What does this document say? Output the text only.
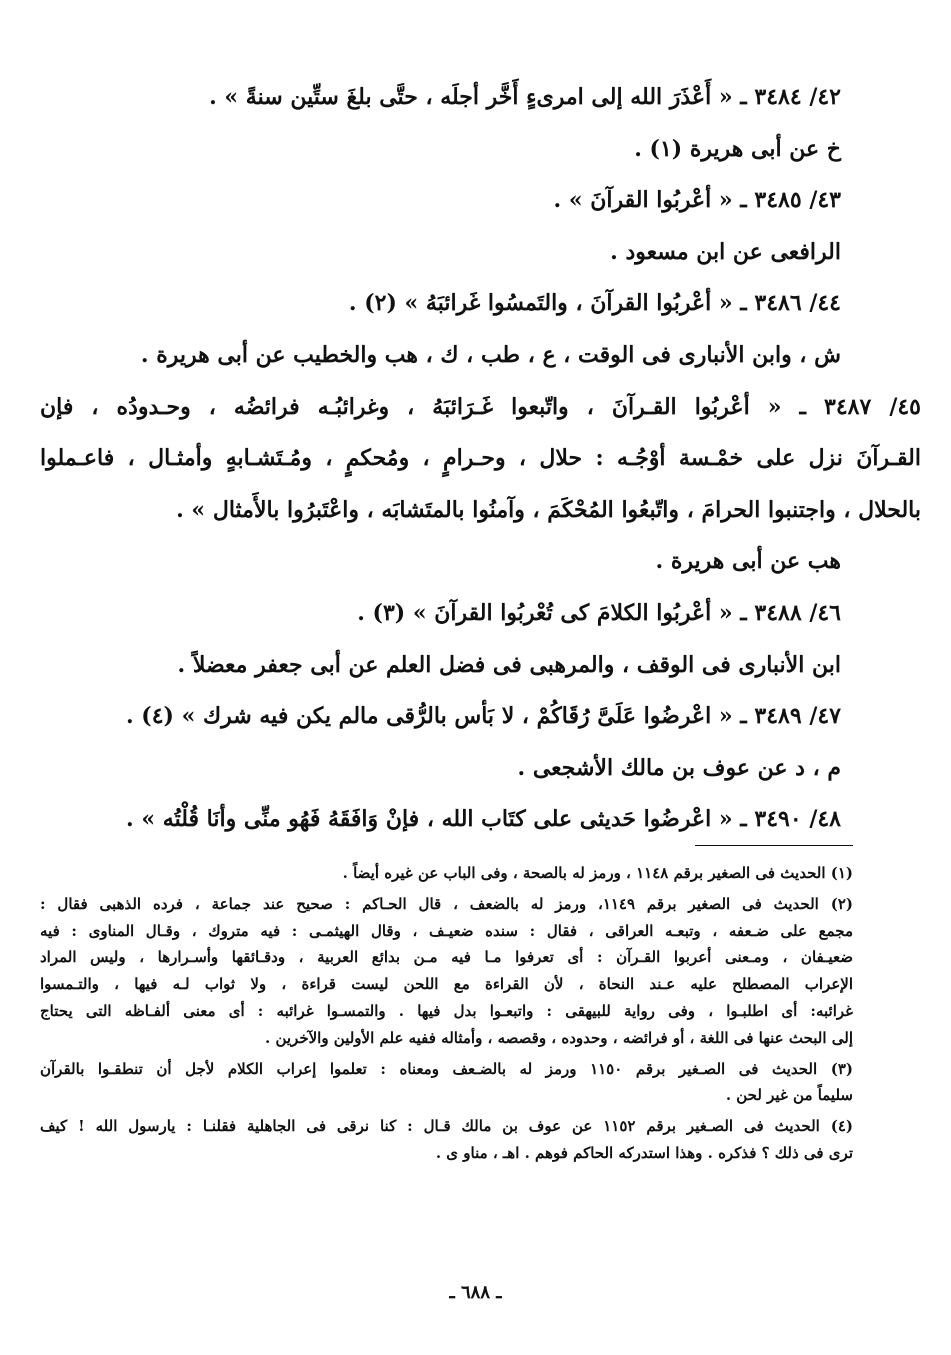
٤٢/ ٣٤٨٤ ـ « أَعْذَرَ الله إلى امرىءٍ أَخَّر أجلَه ، حتَّى بلغَ ستِّين سنةً » .
خ عن أبى هريرة (١) .
٤٣/ ٣٤٨٥ ـ « أعْربُوا القرآنَ » .
الرافعى عن ابن مسعود .
٤٤/ ٣٤٨٦ ـ « أعْربُوا القرآنَ ، والتَمسُوا غَرائبَهُ » (٢) .
ش ، وابن الأنبارى فى الوقت ، ع ، طب ، ك ، هب والخطيب عن أبى هريرة .
٤٥/ ٣٤٨٧ ـ « أعْربُوا القـرآنَ ، واتّبعوا غَـرَائبَهُ ، وغرائبُـه فرائضُه ، وحـدودُه ، فإن
القـرآنَ نزل على خمْـسة أوْجُـه : حلال ، وحـرامٍ ، ومُحكمٍ ، ومُـتَشـابهٍ وأمثـال ، فاعـملوا
بالحلال ، واجتنبوا الحرامَ ، واتّبعُوا المُحْكَمَ ، وآمنُوا بالمتَشابَه ، واعْتَبرُوا بالأَمثال » .
هب عن أبى هريرة .
٤٦/ ٣٤٨٨ ـ « أعْربُوا الكلامَ كى تُعْربُوا القرآنَ » (٣) .
ابن الأنبارى فى الوقف ، والمرهبى فى فضل العلم عن أبى جعفر معضلاً .
٤٧/ ٣٤٨٩ ـ « اعْرضُوا عَلَىَّ رُقَاكُمْ ، لا بَأس بالرُّقى مالم يكن فيه شرك » (٤) .
م ، د عن عوف بن مالك الأشجعى .
٤٨/ ٣٤٩٠ ـ « اعْرضُوا حَديثى على كتَاب الله ، فإنْ وَافَقَهُ فَهُو منِّى وأنَا قُلْتُه » .
(١) الحديث فى الصغير برقم ١١٤٨ ، ورمز له بالصحة ، وفى الباب عن غيره أيضاً .
(٢) الحديث فى الصغير برقم ١١٤٩، ورمز له بالضعف ، قال الحـاكم : صحيح عند جماعة ، فرده الذهبى فقال :
مجمع على ضـعفه ، وتبعـه العراقى ، فقال : سنده ضعيـف ، وقال الهيثمـى : فيه متروك ، وقـال المناوى : فيه
ضعيـفان ، ومـعنى أعربوا القـرآن : أى تعرفوا مـا فيه مـن بدائع العربية ، ودقـائقها وأسـرارها ، وليس المراد
الإعراب المصطلح عليه عـند النحاة ، لأن القراءة مع اللحن ليست قراءة ، ولا ثواب لـه فيها ، والتـمسوا
غرائبه: أى اطلبـوا ، وفى رواية للبيهقى : واتبعـوا بدل فيها . والتمسـوا غرائبه : أى معنى ألفـاظه التى يحتاج
إلى البحث عنها فى اللغة ، أو فرائضه ، وحدوده ، وقصصه ، وأمثاله ففيه علم الأولين والآخرين .
(٣) الحديث فى الصـغير برقم ١١٥٠ ورمز له بالضـعف ومعناه : تعلموا إعراب الكلام لأجل أن تنطقـوا بالقرآن
سليماً من غير لحن .
(٤) الحديث فى الصـغير برقم ١١٥٢ عن عوف بن مالك قـال : كنا نرقى فى الجاهلية فقلنـا : يارسول الله ! كيف
ترى فى ذلك ؟ فذكره . وهذا استدركه الحاكم فوهم . اهـ ، مناو ى .
ـ ٦٨٨ ـ
